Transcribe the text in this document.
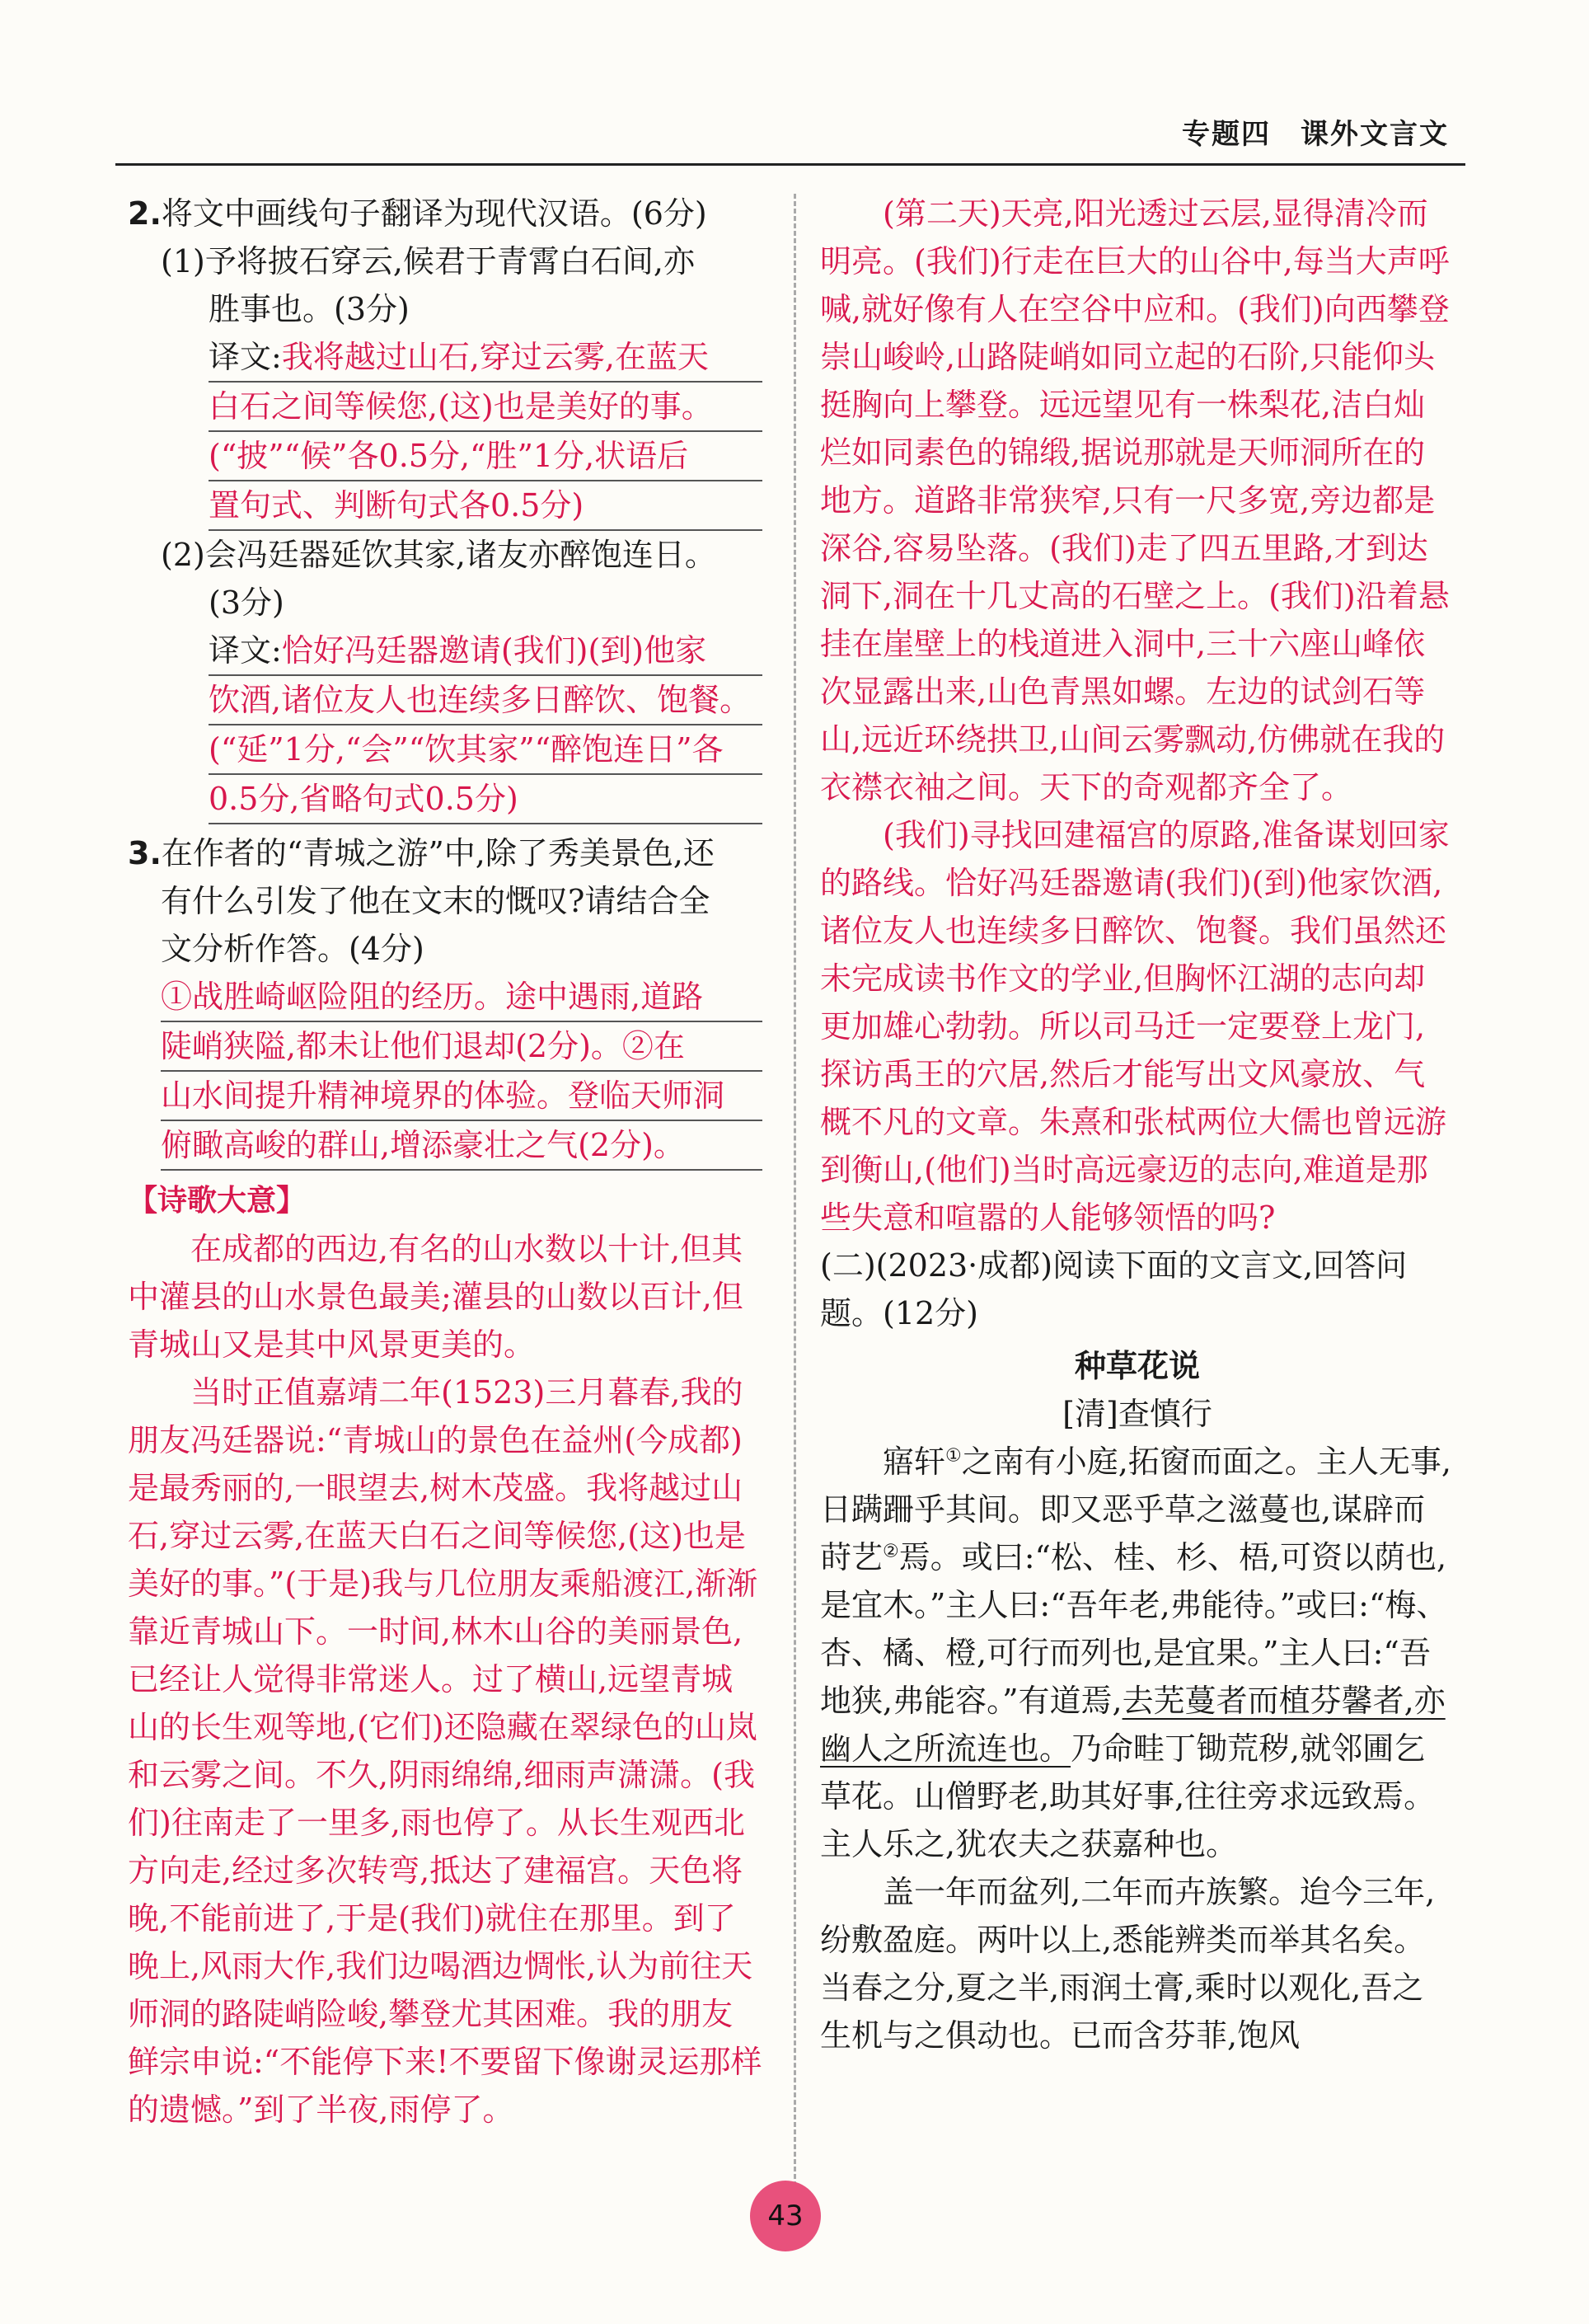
专题四　课外文言文

2.将文中画线句子翻译为现代汉语。(6分)

(1)予将披石穿云,候君于青霄白石间,亦

胜事也。(3分)

译文:我将越过山石,穿过云雾,在蓝天
白石之间等候您,(这)也是美好的事。
(“披”“候”各0.5分,“胜”1分,状语后
置句式、判断句式各0.5分)

(2)会冯廷器延饮其家,诸友亦醉饱连日。

(3分)

译文:恰好冯廷器邀请(我们)(到)他家
饮酒,诸位友人也连续多日醉饮、饱餐。
(“延”1分,“会”“饮其家”“醉饱连日”各
0.5分,省略句式0.5分)

3.在作者的“青城之游”中,除了秀美景色,还

有什么引发了他在文末的慨叹?请结合全

文分析作答。(4分)

①战胜崎岖险阻的经历。途中遇雨,道路
陡峭狭隘,都未让他们退却(2分)。②在
山水间提升精神境界的体验。登临天师洞
俯瞰高峻的群山,增添豪壮之气(2分)。
【诗歌大意】

在成都的西边,有名的山水数以十计,但其中灌县的山水景色最美;灌县的山数以百计,但青城山又是其中风景更美的。

当时正值嘉靖二年(1523)三月暮春,我的朋友冯廷器说:“青城山的景色在益州(今成都)是最秀丽的,一眼望去,树木茂盛。我将越过山石,穿过云雾,在蓝天白石之间等候您,(这)也是美好的事。”(于是)我与几位朋友乘船渡江,渐渐靠近青城山下。一时间,林木山谷的美丽景色,已经让人觉得非常迷人。过了横山,远望青城山的长生观等地,(它们)还隐藏在翠绿色的山岚和云雾之间。不久,阴雨绵绵,细雨声潇潇。(我们)往南走了一里多,雨也停了。从长生观西北方向走,经过多次转弯,抵达了建福宫。天色将晚,不能前进了,于是(我们)就住在那里。到了晚上,风雨大作,我们边喝酒边惆怅,认为前往天师洞的路陡峭险峻,攀登尤其困难。我的朋友鲜宗申说:“不能停下来!不要留下像谢灵运那样的遗憾。”到了半夜,雨停了。

(第二天)天亮,阳光透过云层,显得清冷而明亮。(我们)行走在巨大的山谷中,每当大声呼喊,就好像有人在空谷中应和。(我们)向西攀登崇山峻岭,山路陡峭如同立起的石阶,只能仰头挺胸向上攀登。远远望见有一株梨花,洁白灿烂如同素色的锦缎,据说那就是天师洞所在的地方。道路非常狭窄,只有一尺多宽,旁边都是深谷,容易坠落。(我们)走了四五里路,才到达洞下,洞在十几丈高的石壁之上。(我们)沿着悬挂在崖壁上的栈道进入洞中,三十六座山峰依次显露出来,山色青黑如螺。左边的试剑石等山,远近环绕拱卫,山间云雾飘动,仿佛就在我的衣襟衣袖之间。天下的奇观都齐全了。

(我们)寻找回建福宫的原路,准备谋划回家的路线。恰好冯廷器邀请(我们)(到)他家饮酒,诸位友人也连续多日醉饮、饱餐。我们虽然还未完成读书作文的学业,但胸怀江湖的志向却更加雄心勃勃。所以司马迁一定要登上龙门,探访禹王的穴居,然后才能写出文风豪放、气概不凡的文章。朱熹和张栻两位大儒也曾远游到衡山,(他们)当时高远豪迈的志向,难道是那些失意和喧嚣的人能够领悟的吗?

(二)(2023·成都)阅读下面的文言文,回答问题。(12分)

种草花说

[清]查慎行

寤轩①之南有小庭,拓窗而面之。主人无事,日蹒跚乎其间。即又恶乎草之滋蔓也,谋辟而莳艺②焉。或曰:“松、桂、杉、梧,可资以荫也,是宜木。”主人曰:“吾年老,弗能待。”或曰:“梅、杏、橘、橙,可行而列也,是宜果。”主人曰:“吾地狭,弗能容。”有道焉,去芜蔓者而植芬馨者,亦幽人之所流连也。乃命畦丁锄荒秽,就邻圃乞草花。山僧野老,助其好事,往往旁求远致焉。主人乐之,犹农夫之获嘉种也。

盖一年而盆列,二年而卉族繁。迨今三年,纷敷盈庭。两叶以上,悉能辨类而举其名矣。当春之分,夏之半,雨润土膏,乘时以观化,吾之生机与之俱动也。已而含芬菲,饱风

43
